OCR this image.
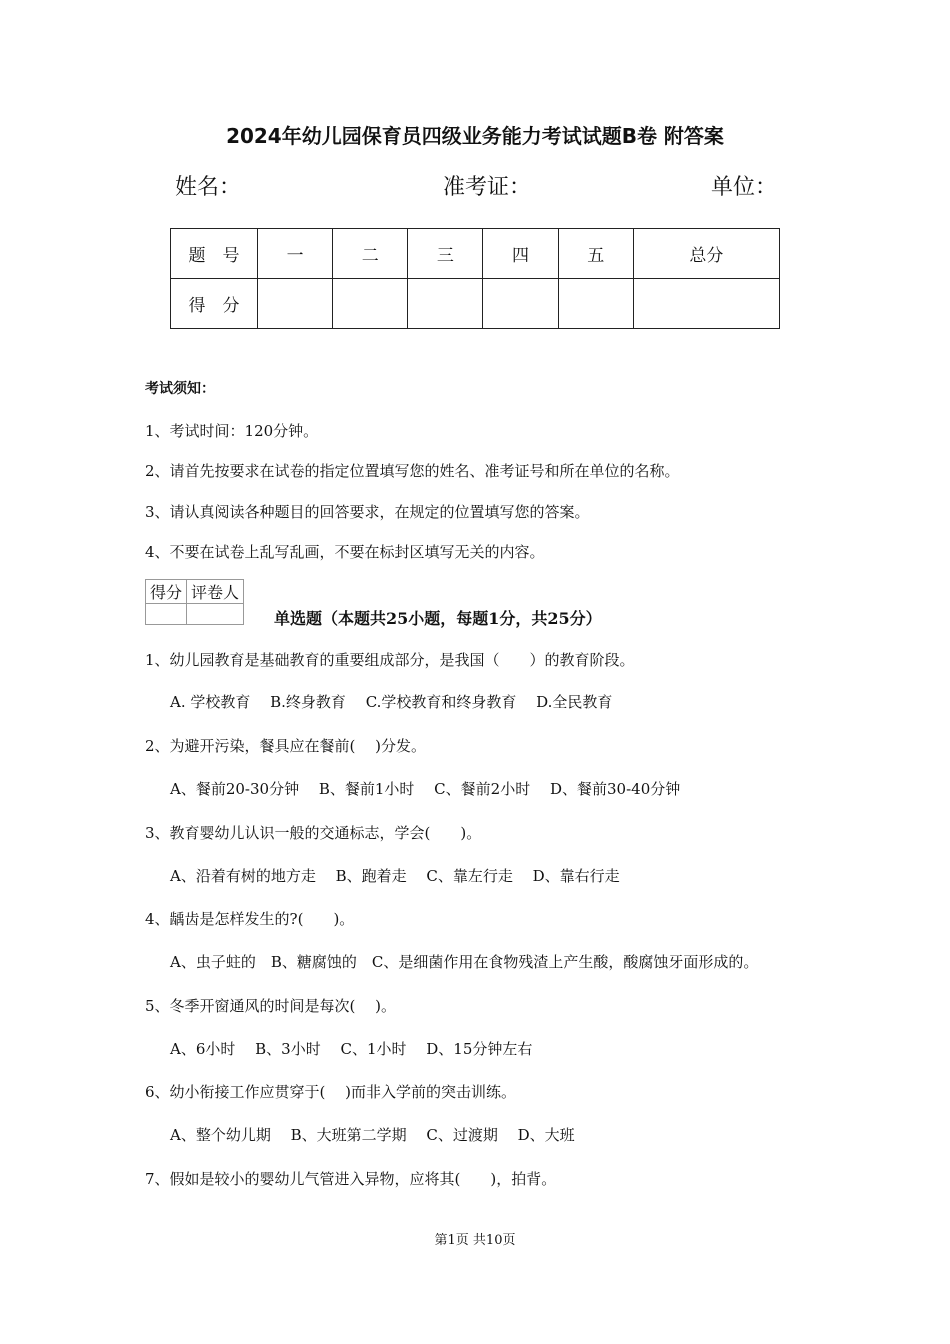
2024年幼儿园保育员四级业务能力考试试题B卷 附答案
姓名：	准考证：	单位：
题　号	一	二	三	四	五	总分
得　分						
考试须知：
1、考试时间：120分钟。
2、请首先按要求在试卷的指定位置填写您的姓名、准考证号和所在单位的名称。
3、请认真阅读各种题目的回答要求，在规定的位置填写您的答案。
4、不要在试卷上乱写乱画，不要在标封区填写无关的内容。
得分	评卷人

单选题（本题共25小题，每题1分，共25分）
1、幼儿园教育是基础教育的重要组成部分，是我国（　　）的教育阶段。
A. 学校教育　 B.终身教育　 C.学校教育和终身教育　 D.全民教育
2、为避开污染，餐具应在餐前(　 )分发。
A、餐前20-30分钟　 B、餐前1小时　 C、餐前2小时　 D、餐前30-40分钟
3、教育婴幼儿认识一般的交通标志，学会(　　)。
A、沿着有树的地方走　 B、跑着走　 C、靠左行走　 D、靠右行走
4、龋齿是怎样发生的?(　　)。
A、虫子蛀的　B、糖腐蚀的　C、是细菌作用在食物残渣上产生酸，酸腐蚀牙面形成的。
5、冬季开窗通风的时间是每次(　 )。
A、6小时　 B、3小时　 C、1小时　 D、15分钟左右
6、幼小衔接工作应贯穿于(　 )而非入学前的突击训练。
A、整个幼儿期　 B、大班第二学期　 C、过渡期　 D、大班
7、假如是较小的婴幼儿气管进入异物，应将其(　　)，拍背。
第1页 共10页
